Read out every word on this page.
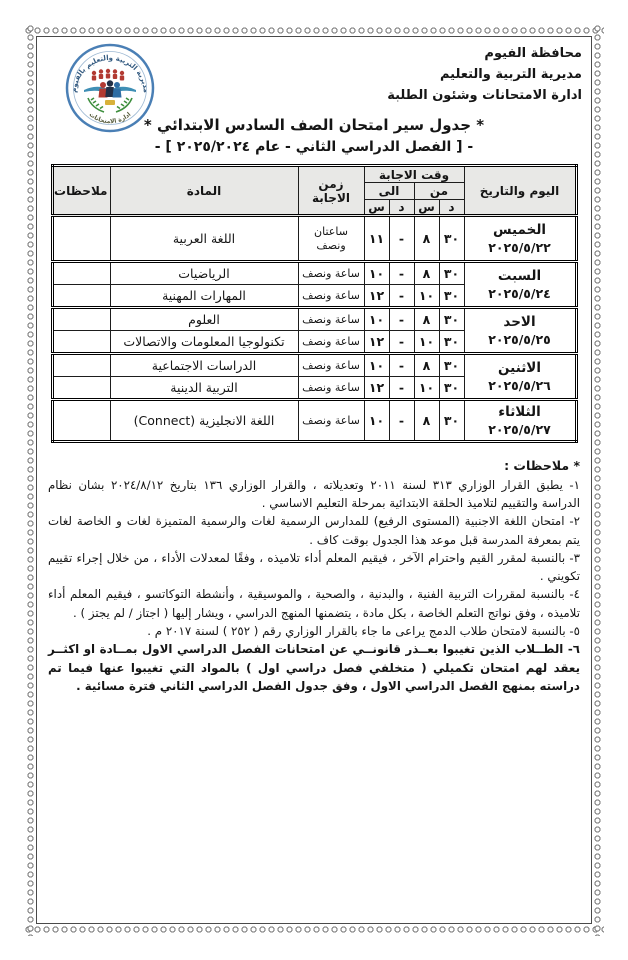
محافظة الفيوم
مديرية التربية والتعليم
ادارة الامتحانات وشئون الطلبة
مديرية التربية والتعليم بالفيوم
ادارة الامتحانات
* جدول سير امتحان الصف السادس الابتدائي *
- [ الفصل الدراسي الثاني - عام ٢٠٢٥/٢٠٢٤ ] -
اليوم والتاريخ	وقت الاجابة				زمن الاجابة	المادة	ملاحظات
	من		الى				
	د	س	د	س			

الخميس
٢٠٢٥/٥/٢٢	٣٠	٨	-	١١	ساعتان ونصف	اللغة العربية	

السبت
٢٠٢٥/٥/٢٤	٣٠	٨	-	١٠	ساعة ونصف	الرياضيات	
	٣٠	١٠	-	١٢	ساعة ونصف	المهارات المهنية	

الاحد
٢٠٢٥/٥/٢٥	٣٠	٨	-	١٠	ساعة ونصف	العلوم	
	٣٠	١٠	-	١٢	ساعة ونصف	تكنولوجيا المعلومات والاتصالات	

الاثنين
٢٠٢٥/٥/٢٦	٣٠	٨	-	١٠	ساعة ونصف	الدراسات الاجتماعية	
	٣٠	١٠	-	١٢	ساعة ونصف	التربية الدينية	

الثلاثاء
٢٠٢٥/٥/٢٧	٣٠	٨	-	١٠	ساعة ونصف	اللغة الانجليزية (Connect)	
* ملاحظات :
١- يطبق القرار الوزاري ٣١٣ لسنة ٢٠١١ وتعديلاته ، والقرار الوزاري ١٣٦ بتاريخ ٢٠٢٤/٨/١٢ بشان نظام الدراسة والتقييم لتلاميذ الحلقة الابتدائية بمرحلة التعليم الاساسي .
٢- امتحان اللغة الاجنبية (المستوى الرفيع) للمدارس الرسمية لغات والرسمية المتميزة لغات و الخاصة لغات يتم بمعرفة المدرسة قبل موعد هذا الجدول بوقت كاف .
٣- بالنسبة لمقرر القيم واحترام الآخر ، فيقيم المعلم أداء تلاميذه ، وفقًا لمعدلات الأداء ، من خلال إجراء تقييم تكويني .
٤- بالنسبة لمقررات التربية الفنية ، والبدنية ، والصحية ، والموسيقية ، وأنشطة التوكاتسو ، فيقيم المعلم أداء تلاميذه ، وفق نواتج التعلم الخاصة ، بكل مادة ، يتضمنها المنهج الدراسي ، ويشار إليها ( اجتاز / لم يجتز ) .
٥- بالنسبة لامتحان طلاب الدمج يراعى ما جاء بالقرار الوزاري رقم ( ٢٥٢ ) لسنة ٢٠١٧ م .
٦- الطــلاب الذين تغيبوا بعــذر قانونــي عن امتحانات الفصل الدراسي الاول بمــادة او اكثــر يعقد لهم امتحان تكميلي ( متخلفي فصل دراسي اول ) بالمواد التي تغيبوا عنها فيما تم دراسته بمنهج الفصل الدراسي الاول ، وفق جدول الفصل الدراسي الثاني فترة مسائية .
